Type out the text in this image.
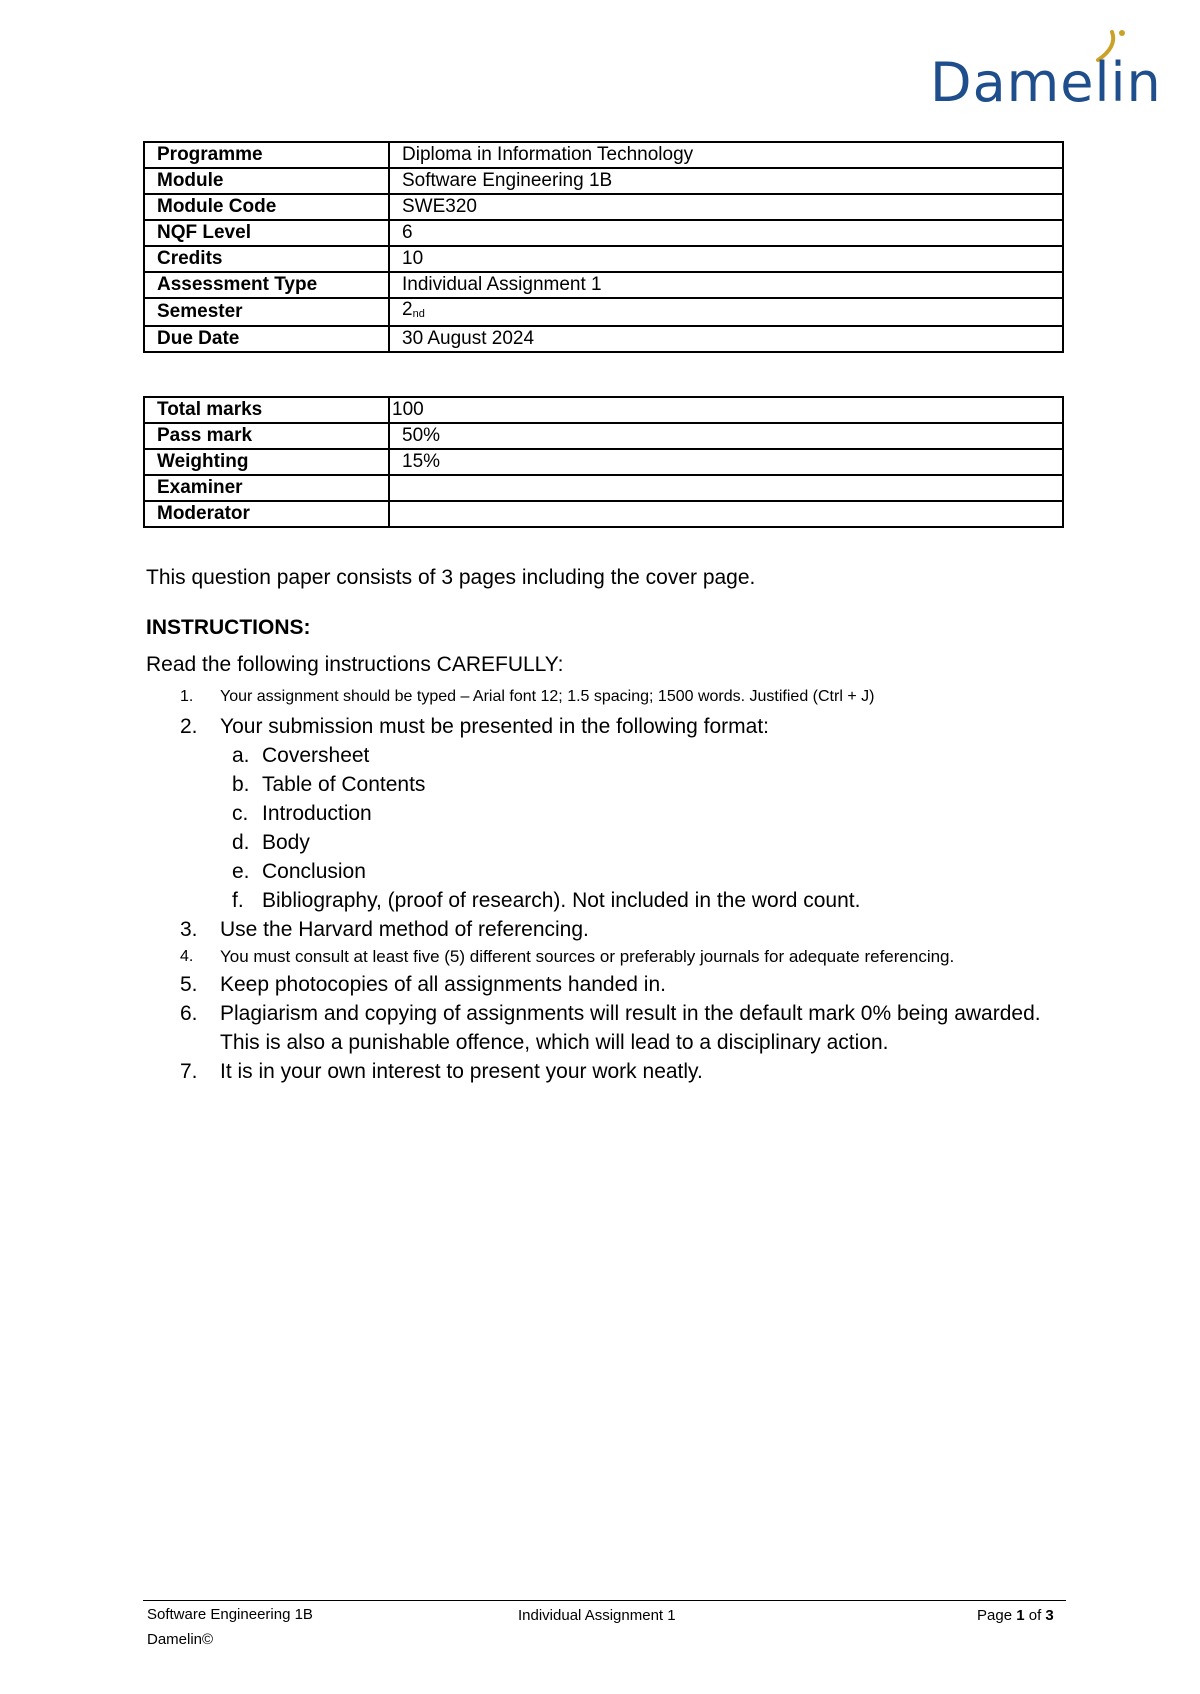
Damelin
Programme	Diploma in Information Technology
Module	Software Engineering 1B
Module Code	SWE320
NQF Level	6
Credits	10
Assessment Type	Individual Assignment 1
Semester	$2_{nd}$
Due Date	30 August 2024
Total marks	100
Pass mark	50%
Weighting	15%
Examiner	
Moderator	
This question paper consists of 3 pages including the cover page.
INSTRUCTIONS:
Read the following instructions CAREFULLY:
1. Your assignment should be typed – Arial font 12; 1.5 spacing; 1500 words. Justified (Ctrl + J)
2. Your submission must be presented in the following format:
a. Coversheet
b. Table of Contents
c. Introduction
d. Body
e. Conclusion
f. Bibliography, (proof of research). Not included in the word count.
3. Use the Harvard method of referencing.
4. You must consult at least five (5) different sources or preferably journals for adequate referencing.
5. Keep photocopies of all assignments handed in.
6. Plagiarism and copying of assignments will result in the default mark 0% being awarded. This is also a punishable offence, which will lead to a disciplinary action.
7. It is in your own interest to present your work neatly.
Software Engineering 1B	Individual Assignment 1	Page 1 of 3
Damelin©
